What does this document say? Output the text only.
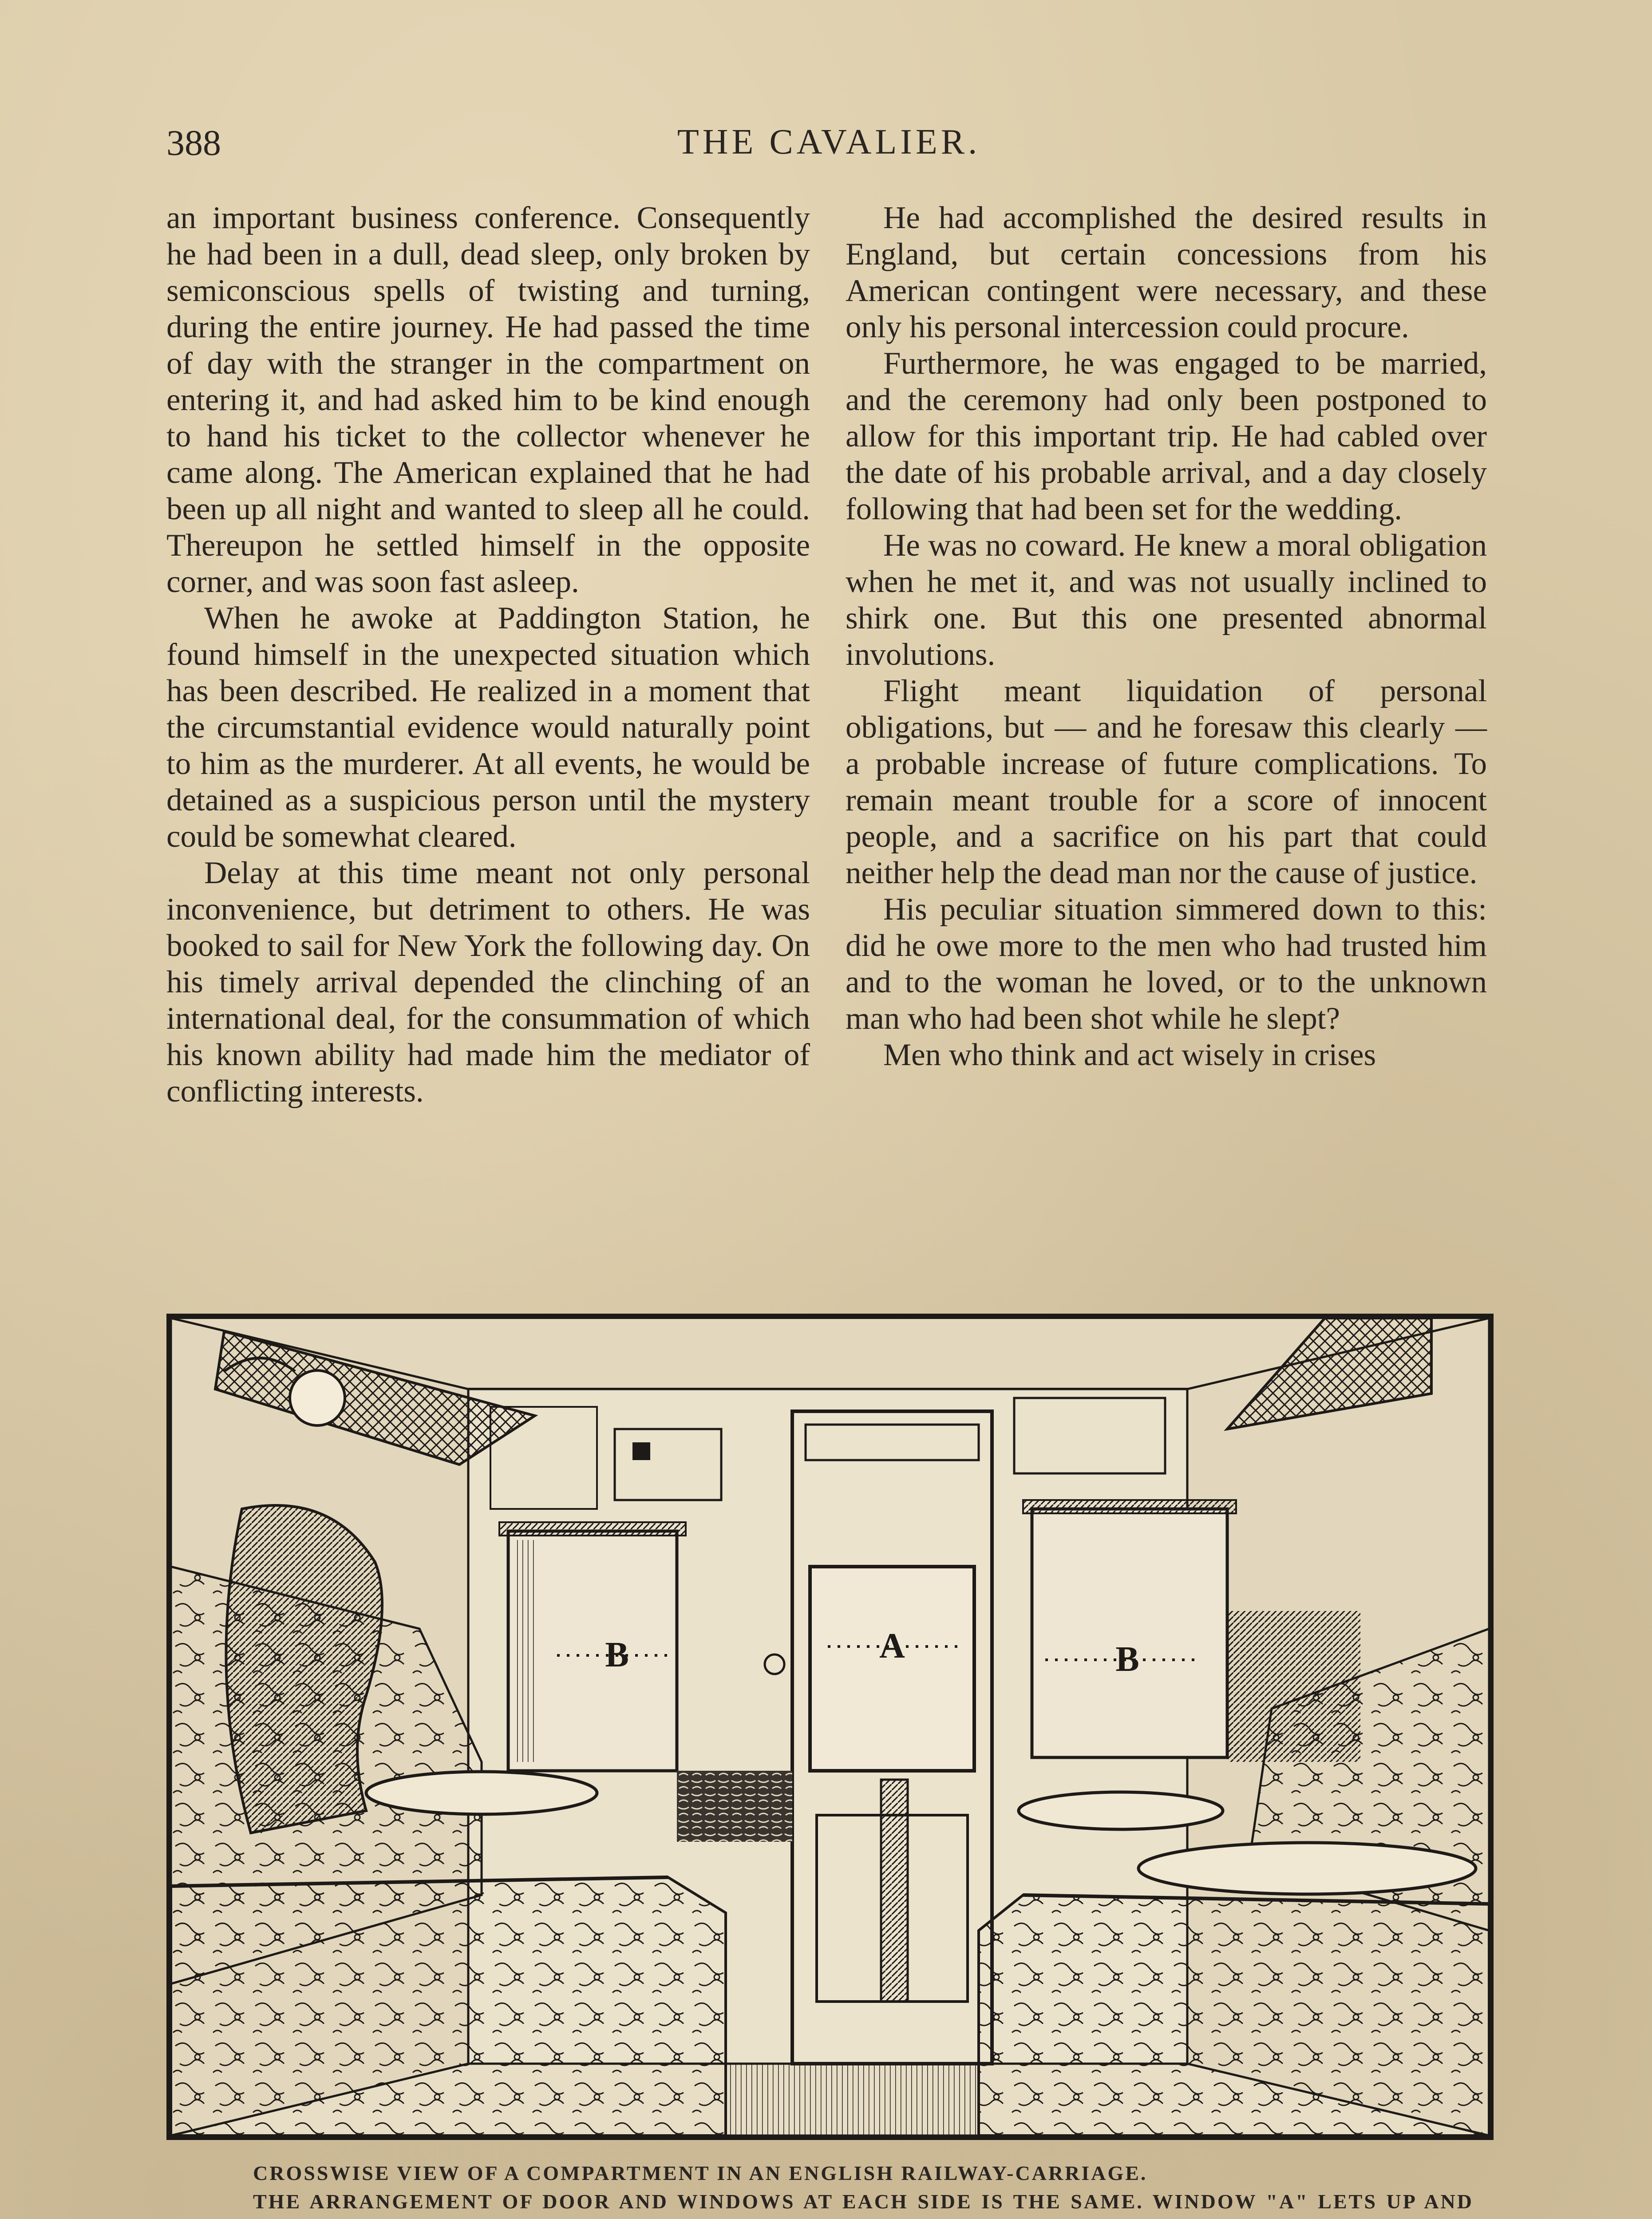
388	THE CAVALIER.

an important business conference. Consequently he had been in a dull, dead sleep, only broken by semiconscious spells of twisting and turning, during the entire journey. He had passed the time of day with the stranger in the compartment on entering it, and had asked him to be kind enough to hand his ticket to the collector whenever he came along. The American explained that he had been up all night and wanted to sleep all he could. Thereupon he settled himself in the opposite corner, and was soon fast asleep.

When he awoke at Paddington Station, he found himself in the unexpected situation which has been described. He realized in a moment that the circumstantial evidence would naturally point to him as the murderer. At all events, he would be detained as a suspicious person until the mystery could be somewhat cleared.

Delay at this time meant not only personal inconvenience, but detriment to others. He was booked to sail for New York the following day. On his timely arrival depended the clinching of an international deal, for the consummation of which his known ability had made him the mediator of conflicting interests.

He had accomplished the desired results in England, but certain concessions from his American contingent were necessary, and these only his personal intercession could procure.

Furthermore, he was engaged to be married, and the ceremony had only been postponed to allow for this important trip. He had cabled over the date of his probable arrival, and a day closely following that had been set for the wedding.

He was no coward. He knew a moral obligation when he met it, and was not usually inclined to shirk one. But this one presented abnormal involutions.

Flight meant liquidation of personal obligations, but — and he foresaw this clearly — a probable increase of future complications. To remain meant trouble for a score of innocent people, and a sacrifice on his part that could neither help the dead man nor the cause of justice.

His peculiar situation simmered down to this: did he owe more to the men who had trusted him and to the woman he loved, or to the unknown man who had been shot while he slept?

Men who think and act wisely in crises

B	A	B
CROSSWISE VIEW OF A COMPARTMENT IN AN ENGLISH RAILWAY-CARRIAGE.
THE ARRANGEMENT OF DOOR AND WINDOWS AT EACH SIDE IS THE SAME. WINDOW "A" LETS UP AND
